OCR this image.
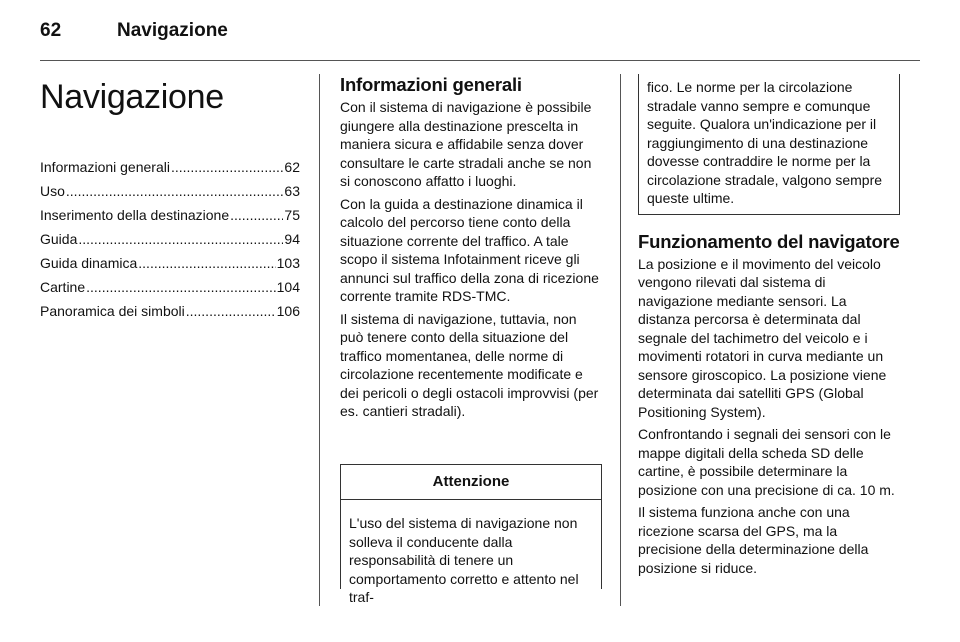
62	Navigazione
Navigazione
Informazioni generali .....	62
Uso .....	63
Inserimento della destinazione .....	75
Guida .....	94
Guida dinamica .....	103
Cartine .....	104
Panoramica dei simboli .....	106
Informazioni generali

Con il sistema di navigazione è possibile giungere alla destinazione prescelta in maniera sicura e affidabile senza dover consultare le carte stradali anche se non si conoscono affatto i luoghi.

Con la guida a destinazione dinamica il calcolo del percorso tiene conto della situazione corrente del traffico. A tale scopo il sistema Infotainment riceve gli annunci sul traffico della zona di ricezione corrente tramite RDS-TMC.

Il sistema di navigazione, tuttavia, non può tenere conto della situazione del traffico momentanea, delle norme di circolazione recentemente modificate e dei pericoli o degli ostacoli improvvisi (per es. cantieri stradali).

Attenzione
L'uso del sistema di navigazione non solleva il conducente dalla responsabilità di tenere un comportamento corretto e attento nel traf-

fico. Le norme per la circolazione stradale vanno sempre e comunque seguite. Qualora un'indicazione per il raggiungimento di una destinazione dovesse contraddire le norme per la circolazione stradale, valgono sempre queste ultime.

Funzionamento del navigatore

La posizione e il movimento del veicolo vengono rilevati dal sistema di navigazione mediante sensori. La distanza percorsa è determinata dal segnale del tachimetro del veicolo e i movimenti rotatori in curva mediante un sensore giroscopico. La posizione viene determinata dai satelliti GPS (Global Positioning System).

Confrontando i segnali dei sensori con le mappe digitali della scheda SD delle cartine, è possibile determinare la posizione con una precisione di ca. 10 m.

Il sistema funziona anche con una ricezione scarsa del GPS, ma la precisione della determinazione della posizione si riduce.
